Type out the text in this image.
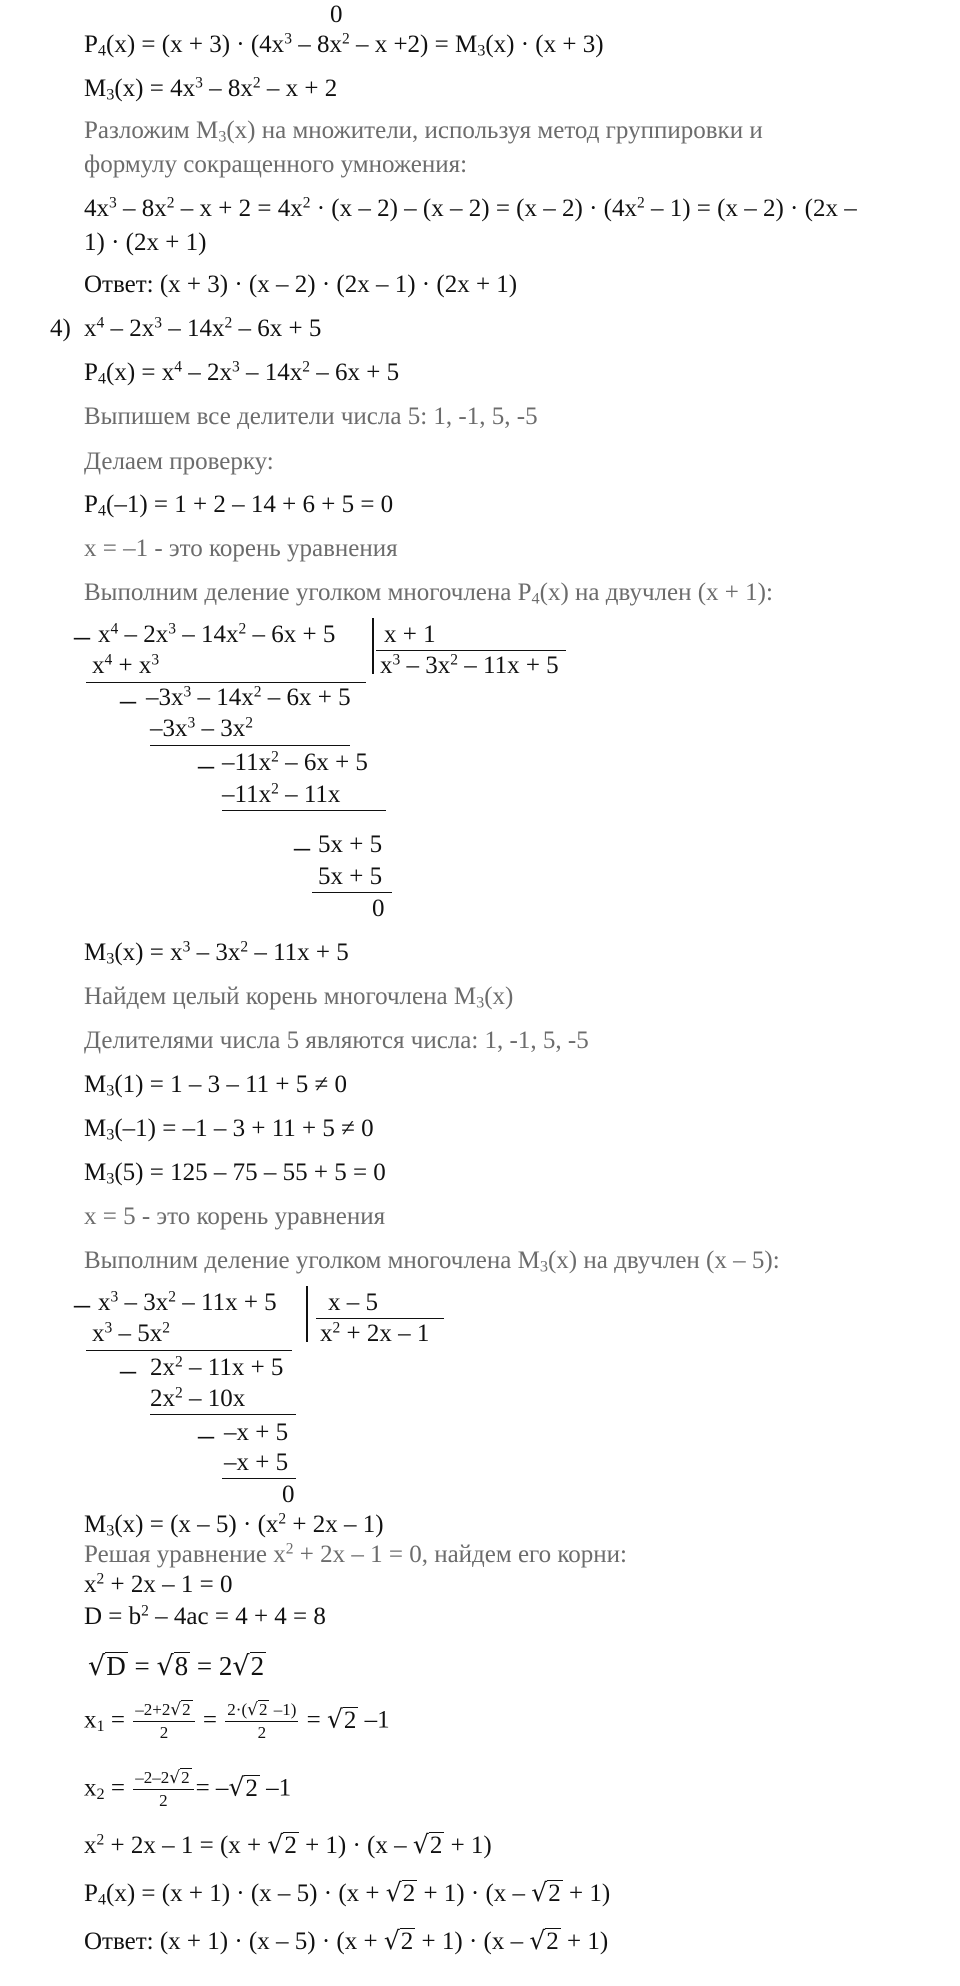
0
$P_4(x) = (x + 3) \cdot (4x^3 - 8x^2 - x +2) = M_3(x) \cdot (x + 3)$
$M_3(x) = 4x^3 - 8x^2 - x + 2$
Разложим $M_3(x)$ на множители, используя метод группировки и
формулу сокращенного умножения:
$4x^3 - 8x^2 - x + 2 = 4x^2 \cdot (x - 2) - (x - 2) = (x - 2) \cdot (4x^2 - 1) = (x - 2) \cdot (2x$ –
1) · (2x + 1)
Ответ: (x + 3) · (x – 2) · (2x – 1) · (2x + 1)
4) $x^4 - 2x^3 - 14x^2 - 6x + 5$
$P_4(x) = x^4 - 2x^3 - 14x^2 - 6x + 5$
Выпишем все делители числа 5: 1, -1, 5, -5
Делаем проверку:
$P_4(-1) = 1 + 2 - 14 + 6 + 5 = 0$
x = –1 - это корень уравнения
Выполним деление уголком многочлена $P_4(x)$ на двучлен (x + 1):
– $x^4 - 2x^3 - 14x^2 - 6x + 5$ x + 1
$x^3 - 3x^2 - 11x + 5$
$x^4 + x^3$
– $-3x^3 - 14x^2 - 6x + 5$
$-3x^3 - 3x^2$
– $-11x^2 - 6x + 5$
$-11x^2 - 11x$
– 5x + 5
5x + 5
0
$M_3(x) = x^3 - 3x^2 - 11x + 5$
Найдем целый корень многочлена $M_3(x)$
Делителями числа 5 являются числа: 1, -1, 5, -5
$M_3(1) = 1 - 3 - 11 + 5 \ne 0$
$M_3(-1) = -1 - 3 + 11 + 5 \ne 0$
$M_3(5) = 125 - 75 - 55 + 5 = 0$
x = 5 - это корень уравнения
Выполним деление уголком многочлена $M_3(x)$ на двучлен (x – 5):
– $x^3 - 3x^2 - 11x + 5$ x – 5
$x^2 + 2x - 1$
$x^3 - 5x^2$
– $2x^2 - 11x + 5$
$2x^2 - 10x$
– –x + 5
–x + 5
0
$M_3(x) = (x - 5) \cdot (x^2 + 2x - 1)$
Решая уравнение $x^2 + 2x - 1 = 0$, найдем его корни:
$x^2 + 2x - 1 = 0$
$D = b^2 - 4ac = 4 + 4 = 8$
√D = √8 = 2√2
$x_1 = \frac{-2+2√2}{2} = \frac{2\cdot(√2 -1)}{2} = √2$ –1
$x_2 = \frac{-2-2√2}{2} = -√2$ –1
$x^2 + 2x - 1 = (x + √2 + 1) \cdot (x - √2 + 1)$
$P_4(x) = (x + 1) \cdot (x - 5) \cdot (x + √2 + 1) \cdot (x - √2 + 1)$
Ответ: (x + 1) · (x – 5) · (x + √2 + 1) · (x – √2 + 1)
